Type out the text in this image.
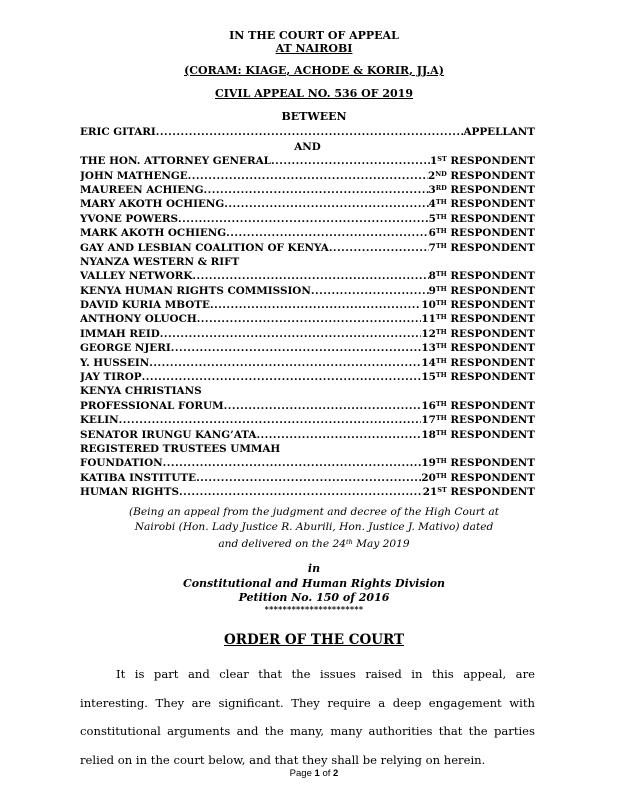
IN THE COURT OF APPEAL
AT NAIROBI
(CORAM: KIAGE, ACHODE & KORIR, JJ.A)
CIVIL APPEAL NO. 536 OF 2019
BETWEEN
ERIC GITARI .....	APPELLANT
AND
THE HON. ATTORNEY GENERAL .....	1ST RESPONDENT
JOHN MATHENGE .....	2ND RESPONDENT
MAUREEN ACHIENG .....	3RD RESPONDENT
MARY AKOTH OCHIENG .....	4TH RESPONDENT
YVONE POWERS .....	5TH RESPONDENT
MARK AKOTH OCHIENG .....	6TH RESPONDENT
GAY AND LESBIAN COALITION OF KENYA .....	7TH RESPONDENT
NYANZA WESTERN & RIFT
VALLEY NETWORK .....	8TH RESPONDENT
KENYA HUMAN RIGHTS COMMISSION .....	9TH RESPONDENT
DAVID KURIA MBOTE .....	10TH RESPONDENT
ANTHONY OLUOCH .....	11TH RESPONDENT
IMMAH REID .....	12TH RESPONDENT
GEORGE NJERI .....	13TH RESPONDENT
Y. HUSSEIN .....	14TH RESPONDENT
JAY TIROP .....	15TH RESPONDENT
KENYA CHRISTIANS
PROFESSIONAL FORUM .....	16TH RESPONDENT
KELIN .....	17TH RESPONDENT
SENATOR IRUNGU KANG’ATA .....	18TH RESPONDENT
REGISTERED TRUSTEES UMMAH
FOUNDATION .....	19TH RESPONDENT
KATIBA INSTITUTE .....	20TH RESPONDENT
HUMAN RIGHTS .....	21ST RESPONDENT
(Being an appeal from the judgment and decree of the High Court at
Nairobi (Hon. Lady Justice R. Aburili, Hon. Justice J. Mativo) dated
and delivered on the 24th May 2019
in
Constitutional and Human Rights Division
Petition No. 150 of 2016
**********************
ORDER OF THE COURT

It is part and clear that the issues raised in this appeal, are interesting. They are significant. They require a deep engagement with constitutional arguments and the many, many authorities that the parties relied on in the court below, and that they shall be relying on herein.

Page 1 of 2
